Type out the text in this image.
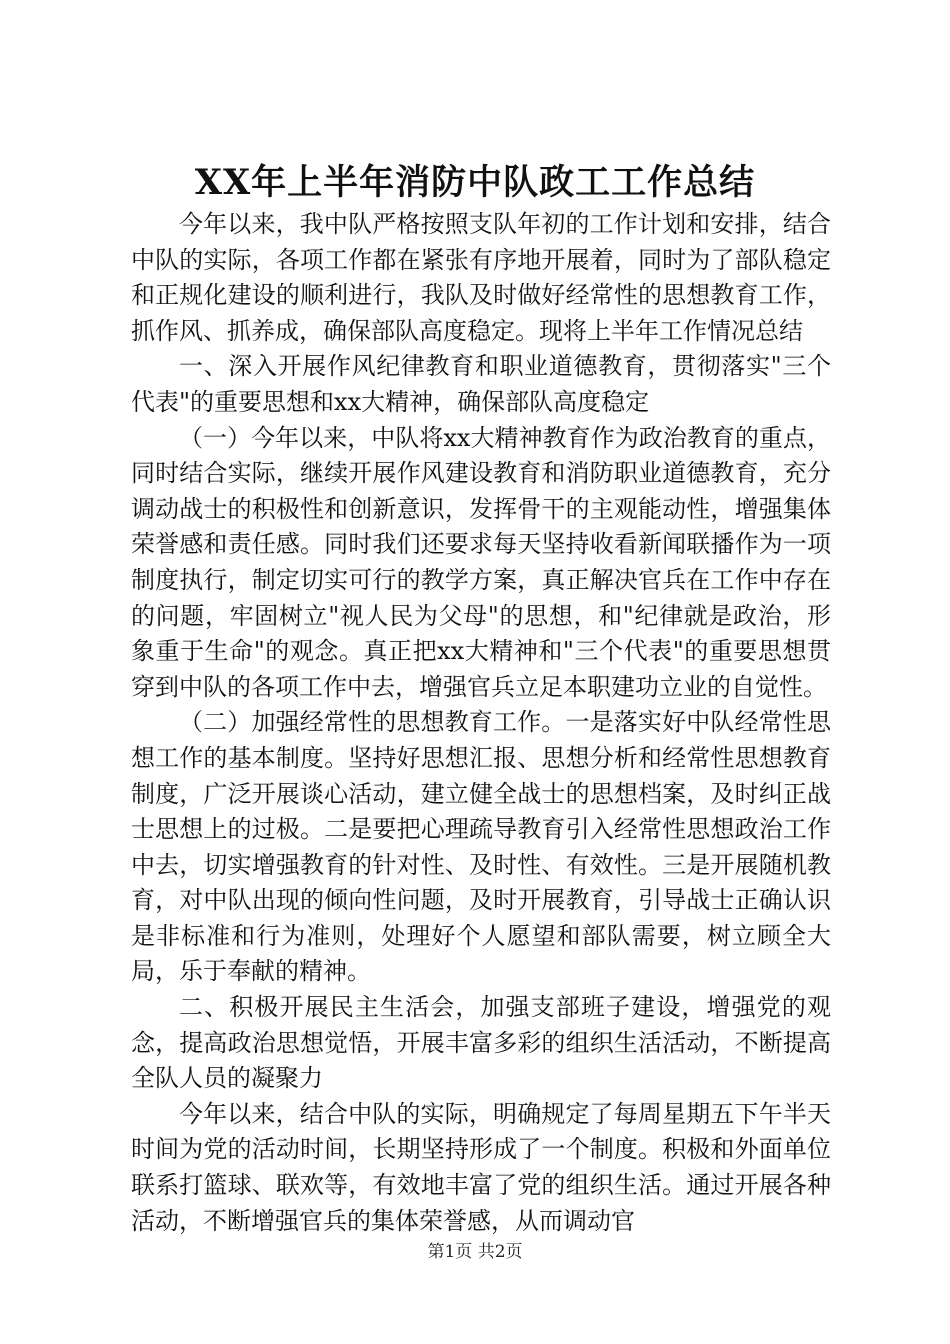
XX年上半年消防中队政工工作总结

今年以来，我中队严格按照支队年初的工作计划和安排，结合中队的实际，各项工作都在紧张有序地开展着，同时为了部队稳定和正规化建设的顺利进行，我队及时做好经常性的思想教育工作，抓作风、抓养成，确保部队高度稳定。现将上半年工作情况总结

一、深入开展作风纪律教育和职业道德教育，贯彻落实"三个代表"的重要思想和xx大精神，确保部队高度稳定

（一）今年以来，中队将xx大精神教育作为政治教育的重点，同时结合实际，继续开展作风建设教育和消防职业道德教育，充分调动战士的积极性和创新意识，发挥骨干的主观能动性，增强集体荣誉感和责任感。同时我们还要求每天坚持收看新闻联播作为一项制度执行，制定切实可行的教学方案，真正解决官兵在工作中存在的问题，牢固树立"视人民为父母"的思想，和"纪律就是政治，形象重于生命"的观念。真正把xx大精神和"三个代表"的重要思想贯穿到中队的各项工作中去，增强官兵立足本职建功立业的自觉性。

（二）加强经常性的思想教育工作。一是落实好中队经常性思想工作的基本制度。坚持好思想汇报、思想分析和经常性思想教育制度，广泛开展谈心活动，建立健全战士的思想档案，及时纠正战士思想上的过极。二是要把心理疏导教育引入经常性思想政治工作中去，切实增强教育的针对性、及时性、有效性。三是开展随机教育，对中队出现的倾向性问题，及时开展教育，引导战士正确认识是非标准和行为准则，处理好个人愿望和部队需要，树立顾全大局，乐于奉献的精神。

二、积极开展民主生活会，加强支部班子建设，增强党的观念，提高政治思想觉悟，开展丰富多彩的组织生活活动，不断提高全队人员的凝聚力

今年以来，结合中队的实际，明确规定了每周星期五下午半天时间为党的活动时间，长期坚持形成了一个制度。积极和外面单位联系打篮球、联欢等，有效地丰富了党的组织生活。通过开展各种活动，不断增强官兵的集体荣誉感，从而调动官

第1页 共2页
